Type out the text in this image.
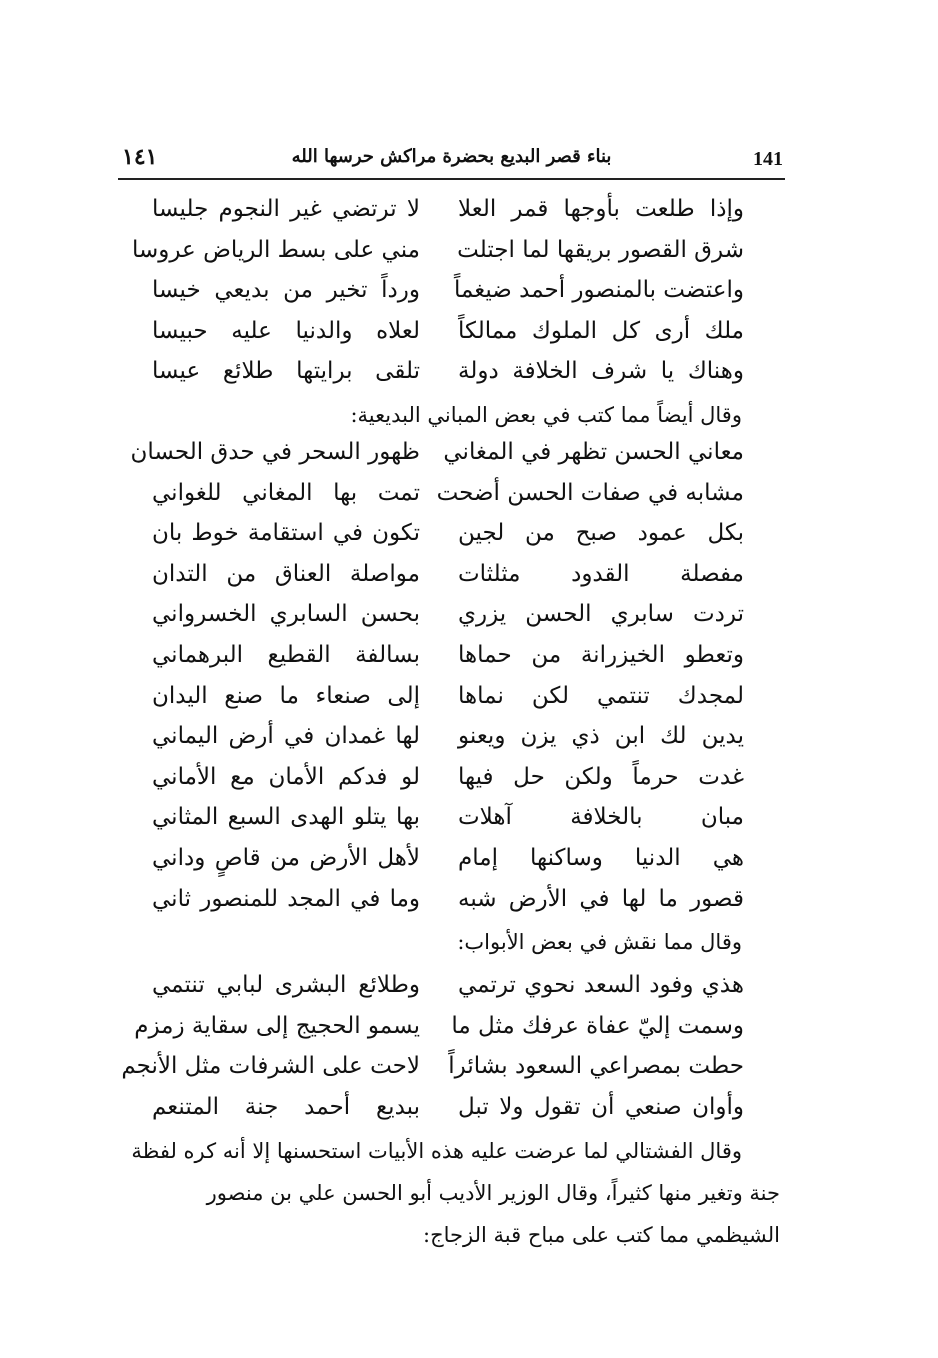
١٤١	بناء قصر البديع بحضرة مراكش حرسها الله	141
وإذا طلعت بأوجها قمر العلا
لا ترتضي غير النجوم جليسا
شرق القصور بريقها لما اجتلت
مني على بسط الرياض عروسا
واعتضت بالمنصور أحمد ضيغماً
ورداً تخير من بديعي خيسا
ملك أرى كل الملوك ممالكاً
لعلاه والدنيا عليه حبيسا
وهناك يا شرف الخلافة دولة
تلقى برايتها طلائع عيسا
وقال أيضاً مما كتب في بعض المباني البديعية:
معاني الحسن تظهر في المغاني
ظهور السحر في حدق الحسان
مشابه في صفات الحسن أضحت
تمت بها المغاني للغواني
بكل عمود صبح من لجين
تكون في استقامة خوط بان
مفصلة القدود مثلثات
مواصلة العناق من التدان
تردت سابري الحسن يزري
بحسن السابري الخسرواني
وتعطو الخيزرانة من حماها
بسالفة القطيع البرهماني
لمجدك تنتمي لكن نماها
إلى صنعاء ما صنع اليدان
يدين لك ابن ذي يزن ويعنو
لها غمدان في أرض اليماني
غدت حرماً ولكن حل فيها
لو فدكم الأمان مع الأماني
مبان بالخلافة آهلات
بها يتلو الهدى السبع المثاني
هي الدنيا وساكنها إمام
لأهل الأرض من قاصٍ وداني
قصور ما لها في الأرض شبه
وما في المجد للمنصور ثاني
وقال مما نقش في بعض الأبواب:
هذي وفود السعد نحوي ترتمي
وطلائع البشرى لبابي تنتمي
وسمت إليّ عفاة عرفك مثل ما
يسمو الحجيج إلى سقاية زمزم
حطت بمصراعي السعود بشائراً
لاحت على الشرفات مثل الأنجم
وأوان صنعي أن تقول ولا تبل
ببديع أحمد جنة المتنعم
وقال الفشتالي لما عرضت عليه هذه الأبيات استحسنها إلا أنه كره لفظة
جنة وتغير منها كثيراً، وقال الوزير الأديب أبو الحسن علي بن منصور
الشيظمي مما كتب على مباح قبة الزجاج:
